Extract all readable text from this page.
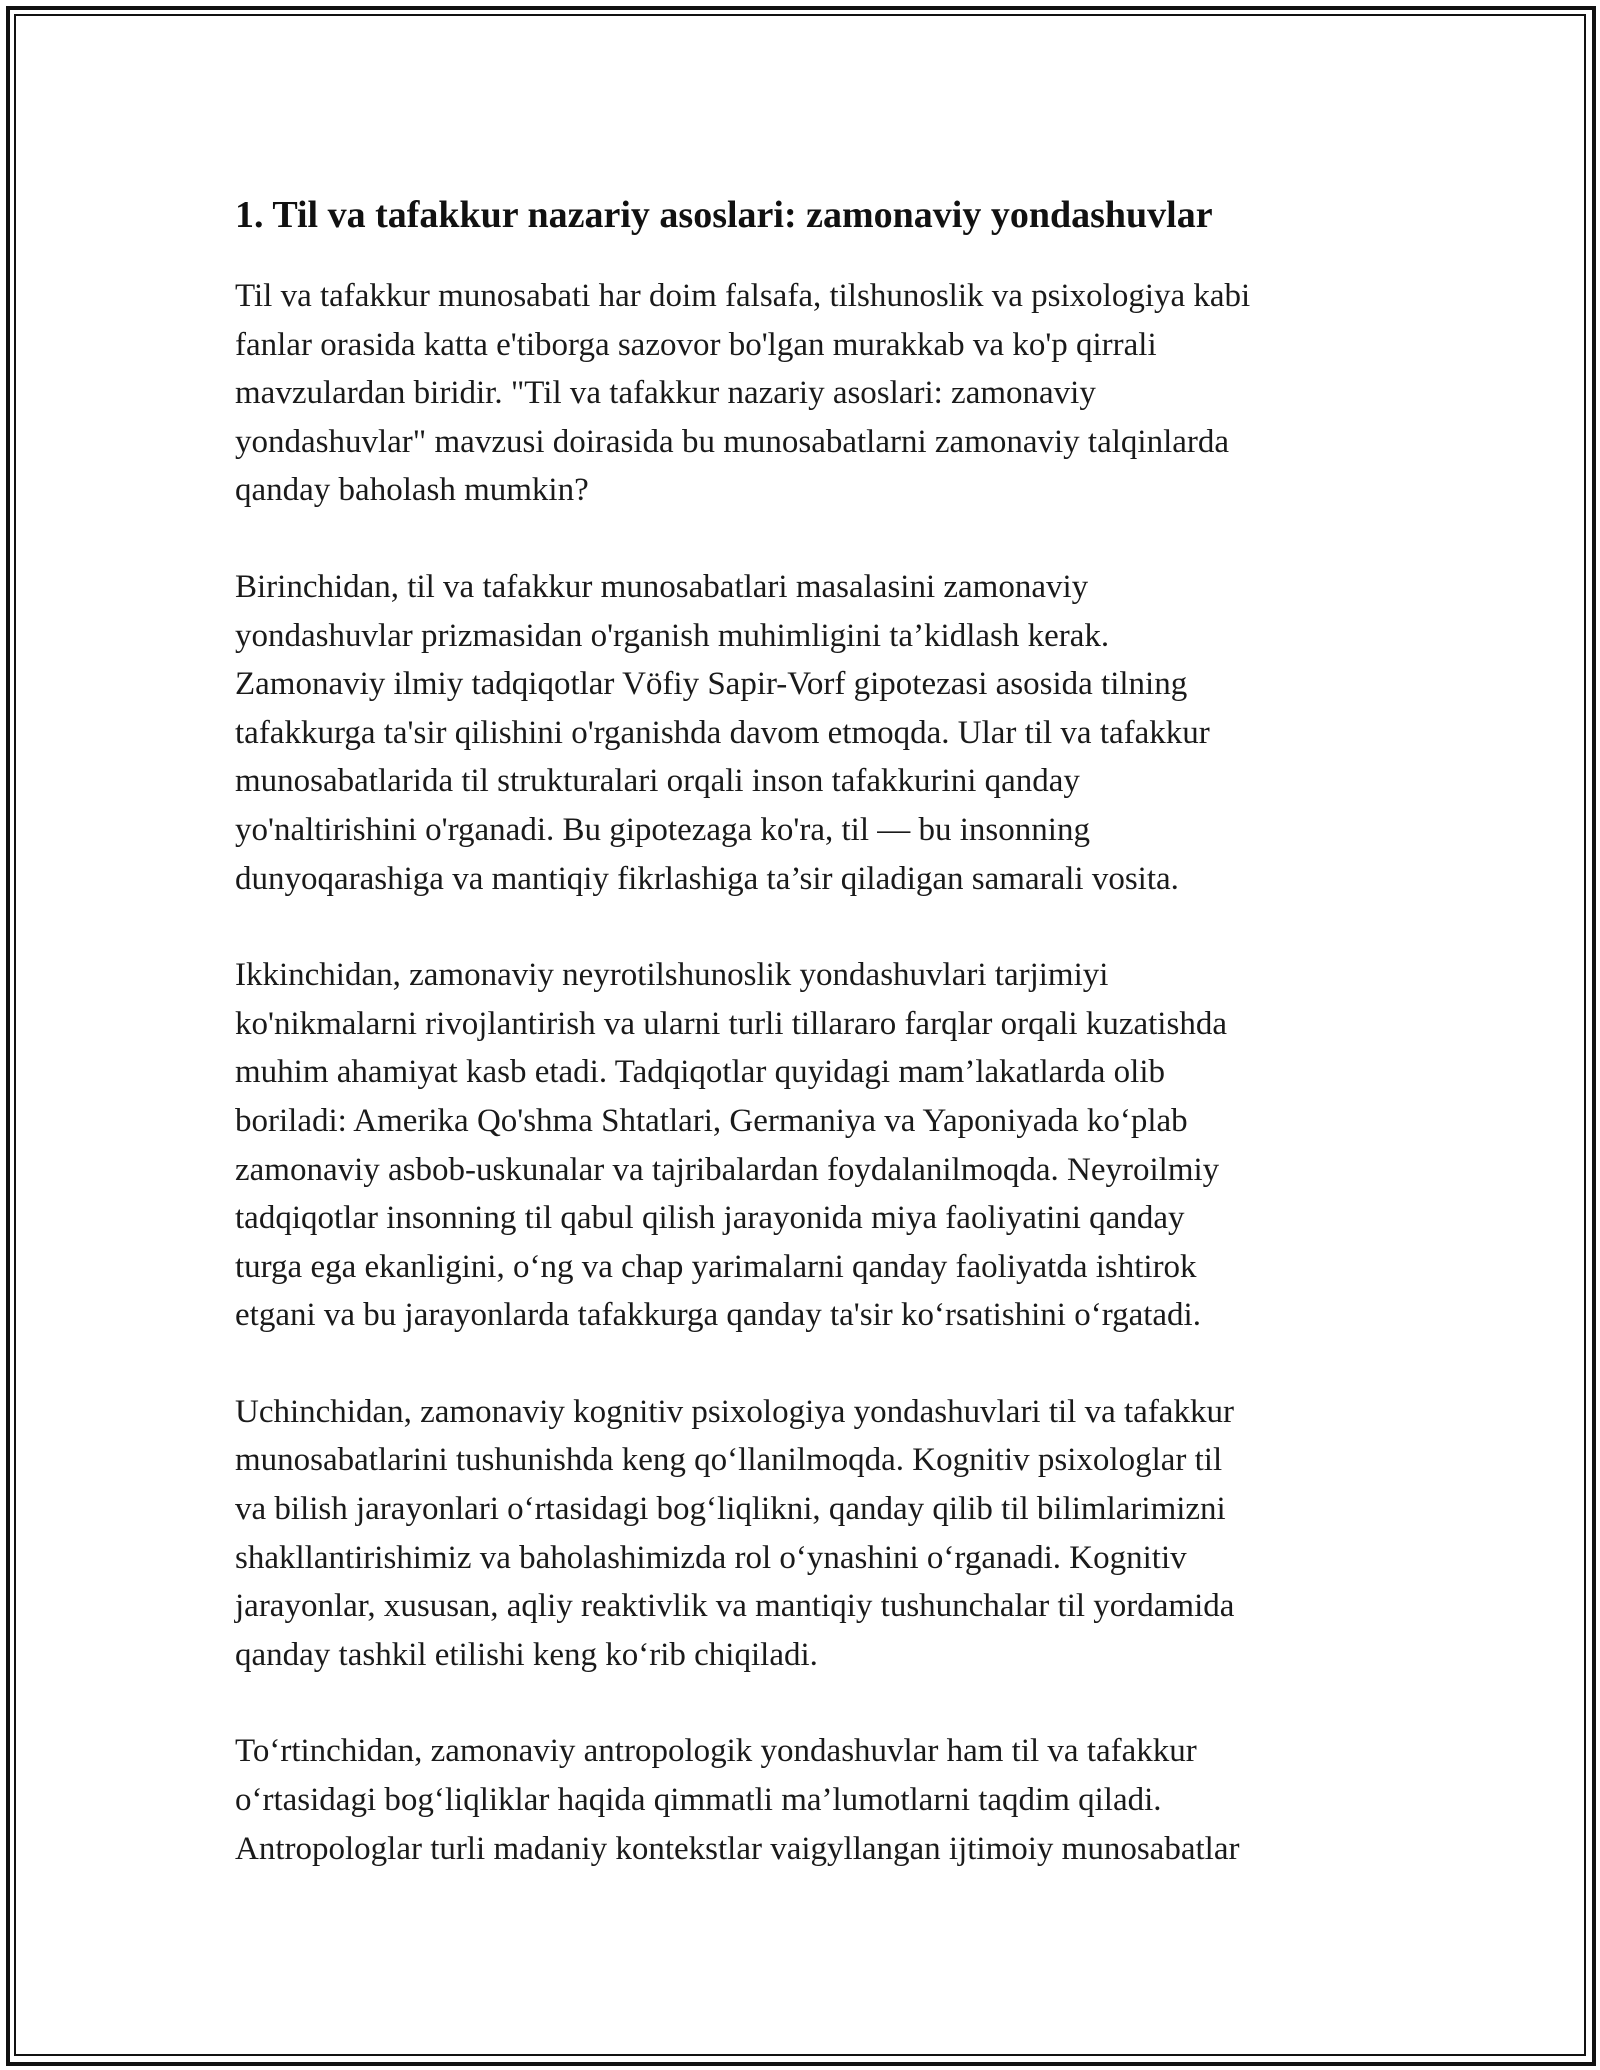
1. Til va tafakkur nazariy asoslari: zamonaviy yondashuvlar

Til va tafakkur munosabati har doim falsafa, tilshunoslik va psixologiya kabi
fanlar orasida katta e'tiborga sazovor bo'lgan murakkab va ko'p qirrali
mavzulardan biridir. "Til va tafakkur nazariy asoslari: zamonaviy
yondashuvlar" mavzusi doirasida bu munosabatlarni zamonaviy talqinlarda
qanday baholash mumkin?

Birinchidan, til va tafakkur munosabatlari masalasini zamonaviy
yondashuvlar prizmasidan o'rganish muhimligini ta’kidlash kerak.
Zamonaviy ilmiy tadqiqotlar Vöfiy Sapir-Vorf gipotezasi asosida tilning
tafakkurga ta'sir qilishini o'rganishda davom etmoqda. Ular til va tafakkur
munosabatlarida til strukturalari orqali inson tafakkurini qanday
yo'naltirishini o'rganadi. Bu gipotezaga ko'ra, til — bu insonning
dunyoqarashiga va mantiqiy fikrlashiga ta’sir qiladigan samarali vosita.

Ikkinchidan, zamonaviy neyrotilshunoslik yondashuvlari tarjimiyi
ko'nikmalarni rivojlantirish va ularni turli tillararo farqlar orqali kuzatishda
muhim ahamiyat kasb etadi. Tadqiqotlar quyidagi mam’lakatlarda olib
boriladi: Amerika Qo'shma Shtatlari, Germaniya va Yaponiyada ko‘plab
zamonaviy asbob-uskunalar va tajribalardan foydalanilmoqda. Neyroilmiy
tadqiqotlar insonning til qabul qilish jarayonida miya faoliyatini qanday
turga ega ekanligini, o‘ng va chap yarimalarni qanday faoliyatda ishtirok
etgani va bu jarayonlarda tafakkurga qanday ta'sir ko‘rsatishini o‘rgatadi.

Uchinchidan, zamonaviy kognitiv psixologiya yondashuvlari til va tafakkur
munosabatlarini tushunishda keng qo‘llanilmoqda. Kognitiv psixologlar til
va bilish jarayonlari o‘rtasidagi bog‘liqlikni, qanday qilib til bilimlarimizni
shakllantirishimiz va baholashimizda rol o‘ynashini o‘rganadi. Kognitiv
jarayonlar, xususan, aqliy reaktivlik va mantiqiy tushunchalar til yordamida
qanday tashkil etilishi keng ko‘rib chiqiladi.

To‘rtinchidan, zamonaviy antropologik yondashuvlar ham til va tafakkur
o‘rtasidagi bog‘liqliklar haqida qimmatli ma’lumotlarni taqdim qiladi.
Antropologlar turli madaniy kontekstlar vaigyllangan ijtimoiy munosabatlar
